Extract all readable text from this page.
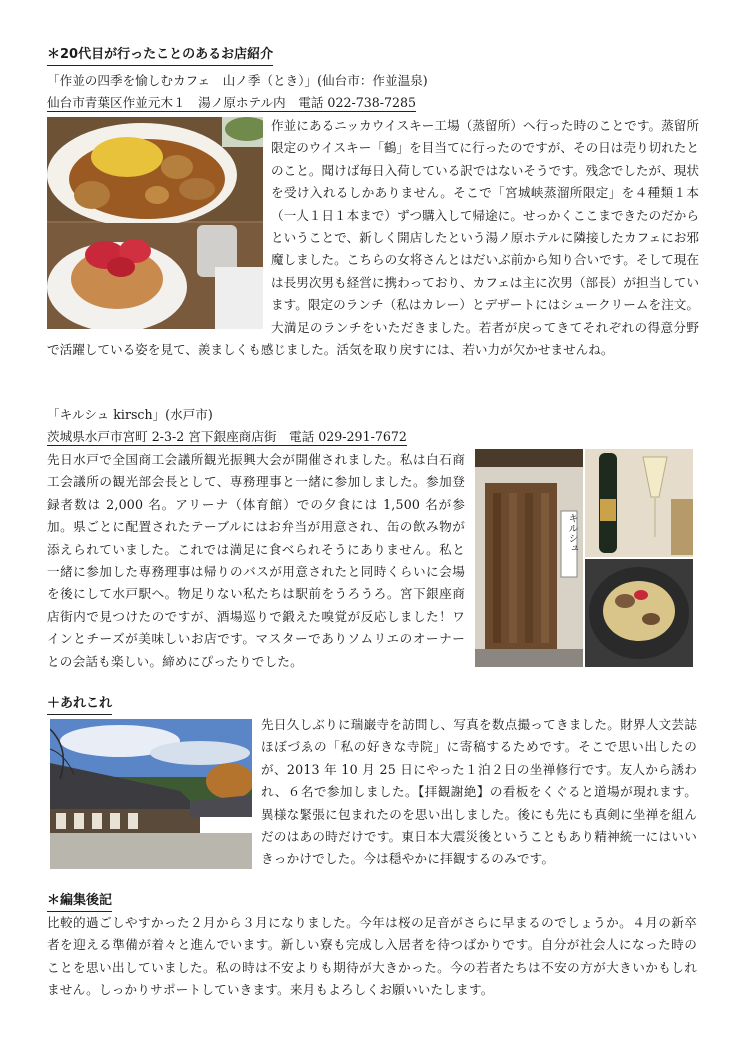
＊20代目が行ったことのあるお店紹介
「作並の四季を愉しむカフェ　山ノ季（とき）」(仙台市：作並温泉)
仙台市青葉区作並元木１　湯ノ原ホテル内　電話 022-738-7285

作並にあるニッカウイスキー工場（蒸留所）へ行った時のことです。蒸留所限定のウイスキー「鶴」を目当てに行ったのですが、その日は売り切れたとのこと。聞けば毎日入荷している訳ではないそうです。残念でしたが、現状を受け入れるしかありません。そこで「宮城峡蒸溜所限定」を４種類１本（一人１日１本まで）ずつ購入して帰途に。せっかくここまできたのだからということで、新しく開店したという湯ノ原ホテルに隣接したカフェにお邪魔しました。こちらの女将さんとはだいぶ前から知り合いです。そして現在は長男次男も経営に携わっており、カフェは主に次男（部長）が担当しています。限定のランチ（私はカレー）とデザートにはシュークリームを注文。大満足のランチをいただきました。若者が戻ってきてそれぞれの得意分野で活躍している姿を見て、羨ましくも感じました。活気を取り戻すには、若い力が欠かせませんね。

「キルシュ kirsch」(水戸市)
茨城県水戸市宮町 2-3-2 宮下銀座商店街　電話 029-291-7672

先日水戸で全国商工会議所観光振興大会が開催されました。私は白石商工会議所の観光部会長として、専務理事と一緒に参加しました。参加登録者数は 2,000 名。アリーナ（体育館）での夕食には 1,500 名が参加。県ごとに配置されたテーブルにはお弁当が用意され、缶の飲み物が添えられていました。これでは満足に食べられそうにありません。私と一緒に参加した専務理事は帰りのバスが用意されたと同時くらいに会場を後にして水戸駅へ。物足りない私たちは駅前をうろうろ。宮下銀座商店街内で見つけたのですが、酒場巡りで鍛えた嗅覚が反応しました！ワインとチーズが美味しいお店です。マスターでありソムリエのオーナーとの会話も楽しい。締めにぴったりでした。

キルシュ
＋あれこれ

先日久しぶりに瑞巌寺を訪問し、写真を数点撮ってきました。財界人文芸誌ほぼづゑの「私の好きな寺院」に寄稿するためです。そこで思い出したのが、2013 年 10 月 25 日にやった１泊２日の坐禅修行です。友人から誘われ、６名で参加しました。【拝観謝絶】の看板をくぐると道場が現れます。異様な緊張に包まれたのを思い出しました。後にも先にも真剣に坐禅を組んだのはあの時だけです。東日本大震災後ということもあり精神統一にはいいきっかけでした。今は穏やかに拝観するのみです。

＊編集後記

比較的過ごしやすかった２月から３月になりました。今年は桜の足音がさらに早まるのでしょうか。４月の新卒者を迎える準備が着々と進んでいます。新しい寮も完成し入居者を待つばかりです。自分が社会人になった時のことを思い出していました。私の時は不安よりも期待が大きかった。今の若者たちは不安の方が大きいかもしれません。しっかりサポートしていきます。来月もよろしくお願いいたします。
